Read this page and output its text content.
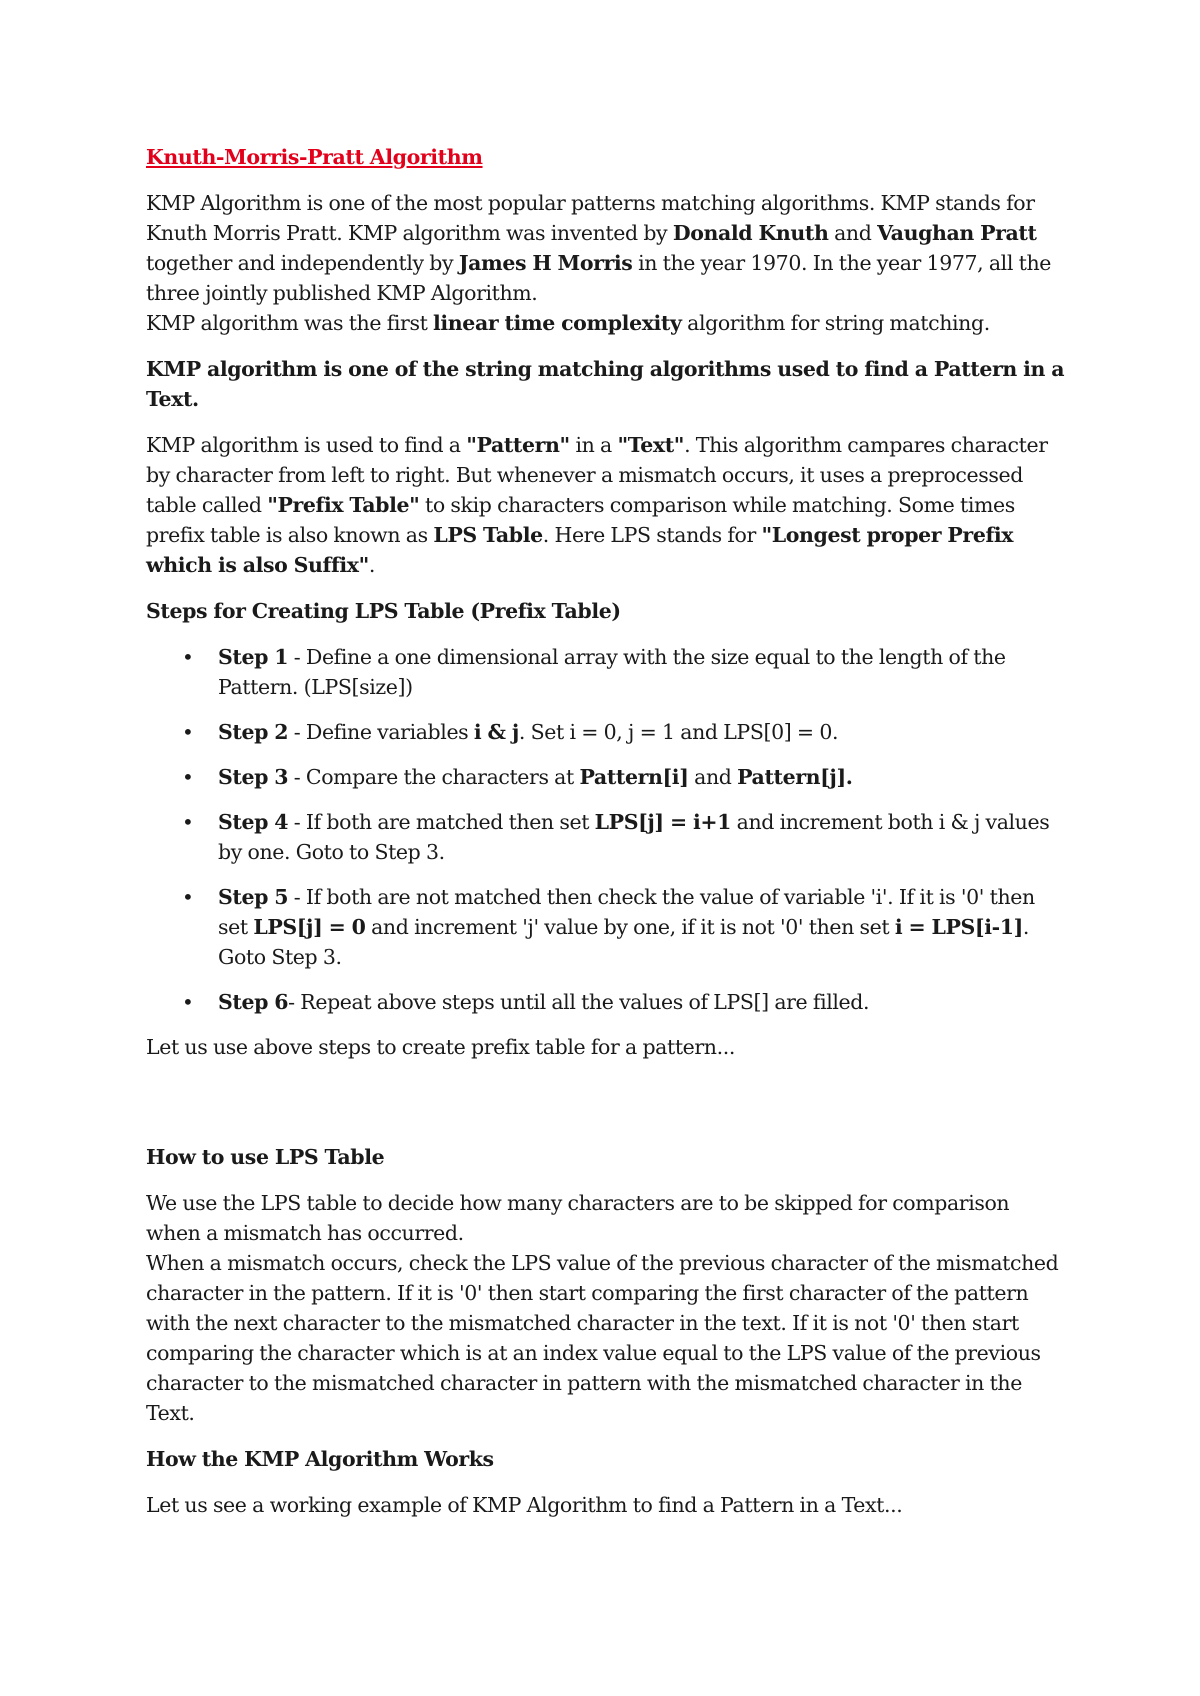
Knuth-Morris-Pratt Algorithm

KMP Algorithm is one of the most popular patterns matching algorithms. KMP stands for Knuth Morris Pratt. KMP algorithm was invented by Donald Knuth and Vaughan Pratt together and independently by James H Morris in the year 1970. In the year 1977, all the three jointly published KMP Algorithm.
KMP algorithm was the first linear time complexity algorithm for string matching.

KMP algorithm is one of the string matching algorithms used to find a Pattern in a Text.

KMP algorithm is used to find a "Pattern" in a "Text". This algorithm campares character by character from left to right. But whenever a mismatch occurs, it uses a preprocessed table called "Prefix Table" to skip characters comparison while matching. Some times prefix table is also known as LPS Table. Here LPS stands for "Longest proper Prefix which is also Suffix".

Steps for Creating LPS Table (Prefix Table)

• Step 1 - Define a one dimensional array with the size equal to the length of the Pattern. (LPS[size])
• Step 2 - Define variables i & j. Set i = 0, j = 1 and LPS[0] = 0.
• Step 3 - Compare the characters at Pattern[i] and Pattern[j].
• Step 4 - If both are matched then set LPS[j] = i+1 and increment both i & j values by one. Goto to Step 3.
• Step 5 - If both are not matched then check the value of variable 'i'. If it is '0' then set LPS[j] = 0 and increment 'j' value by one, if it is not '0' then set i = LPS[i-1]. Goto Step 3.
• Step 6- Repeat above steps until all the values of LPS[] are filled.

Let us use above steps to create prefix table for a pattern...

How to use LPS Table

We use the LPS table to decide how many characters are to be skipped for comparison when a mismatch has occurred.
When a mismatch occurs, check the LPS value of the previous character of the mismatched character in the pattern. If it is '0' then start comparing the first character of the pattern with the next character to the mismatched character in the text. If it is not '0' then start comparing the character which is at an index value equal to the LPS value of the previous character to the mismatched character in pattern with the mismatched character in the Text.

How the KMP Algorithm Works

Let us see a working example of KMP Algorithm to find a Pattern in a Text...
